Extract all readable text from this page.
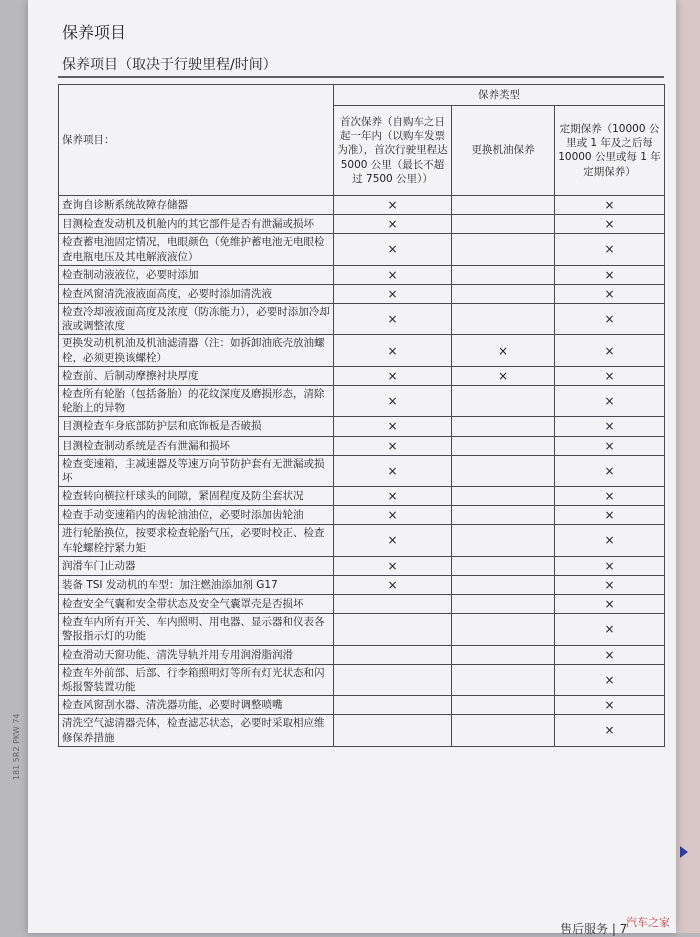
保养项目
保养项目（取决于行驶里程/时间）
保养项目：	保养类型		
	首次保养（自购车之日起一年内（以购车发票为准），首次行驶里程达 5000 公里（最长不超过 7500 公里））	更换机油保养	定期保养（10000 公里或 1 年及之后每 10000 公里或每 1 年定期保养）
查询自诊断系统故障存储器	×		×
目测检查发动机及机舱内的其它部件是否有泄漏或损坏	×		×
检查蓄电池固定情况，电眼颜色（免维护蓄电池无电眼检查电瓶电压及其电解液液位）	×		×
检查制动液液位，必要时添加	×		×
检查风窗清洗液液面高度，必要时添加清洗液	×		×
检查冷却液液面高度及浓度（防冻能力），必要时添加冷却液或调整浓度	×		×
更换发动机机油及机油滤清器（注：如拆卸油底壳放油螺栓，必须更换该螺栓）	×	×	×
检查前、后制动摩擦衬块厚度	×	×	×
检查所有轮胎（包括备胎）的花纹深度及磨损形态，清除轮胎上的异物	×		×
目测检查车身底部防护层和底饰板是否破损	×		×
目测检查制动系统是否有泄漏和损坏	×		×
检查变速箱，主减速器及等速万向节防护套有无泄漏或损坏	×		×
检查转向横拉杆球头的间隙，紧固程度及防尘套状况	×		×
检查手动变速箱内的齿轮油油位，必要时添加齿轮油	×		×
进行轮胎换位，按要求检查轮胎气压，必要时校正、检查车轮螺栓拧紧力矩	×		×
润滑车门止动器	×		×
装备 TSI 发动机的车型：加注燃油添加剂 G17	×		×
检查安全气囊和安全带状态及安全气囊罩壳是否损坏			×
检查车内所有开关、车内照明、用电器、显示器和仪表各警报指示灯的功能			×
检查滑动天窗功能、清洗导轨并用专用润滑脂润滑			×
检查车外前部、后部、行李箱照明灯等所有灯光状态和闪烁报警装置功能			×
检查风窗刮水器、清洗器功能，必要时调整喷嘴			×
清洗空气滤清器壳体，检查滤芯状态，必要时采取相应维修保养措施			×
181 5R2 PKW 74
售后服务 | 7
汽车之家
